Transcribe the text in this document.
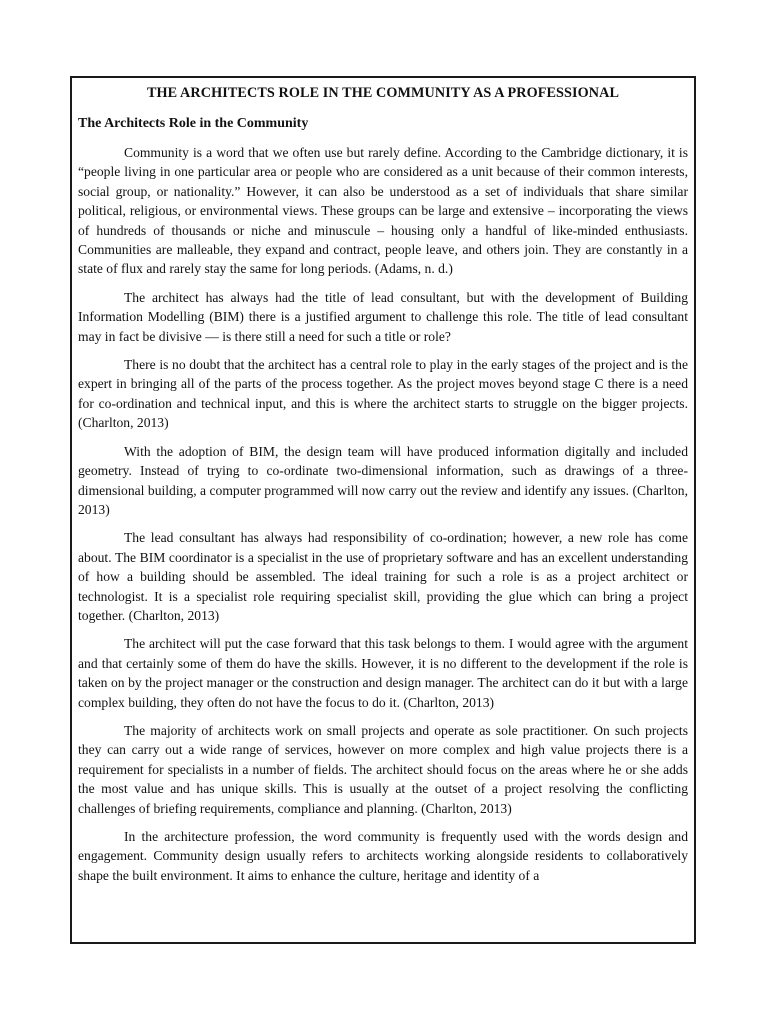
THE ARCHITECTS ROLE IN THE COMMUNITY AS A PROFESSIONAL
The Architects Role in the Community

Community is a word that we often use but rarely define. According to the Cambridge dictionary, it is “people living in one particular area or people who are considered as a unit because of their common interests, social group, or nationality.” However, it can also be understood as a set of individuals that share similar political, religious, or environmental views. These groups can be large and extensive – incorporating the views of hundreds of thousands or niche and minuscule – housing only a handful of like-minded enthusiasts. Communities are malleable, they expand and contract, people leave, and others join. They are constantly in a state of flux and rarely stay the same for long periods. (Adams, n. d.)

The architect has always had the title of lead consultant, but with the development of Building Information Modelling (BIM) there is a justified argument to challenge this role. The title of lead consultant may in fact be divisive — is there still a need for such a title or role?

There is no doubt that the architect has a central role to play in the early stages of the project and is the expert in bringing all of the parts of the process together. As the project moves beyond stage C there is a need for co-ordination and technical input, and this is where the architect starts to struggle on the bigger projects. (Charlton, 2013)

With the adoption of BIM, the design team will have produced information digitally and included geometry. Instead of trying to co-ordinate two-dimensional information, such as drawings of a three-dimensional building, a computer programmed will now carry out the review and identify any issues. (Charlton, 2013)

The lead consultant has always had responsibility of co-ordination; however, a new role has come about. The BIM coordinator is a specialist in the use of proprietary software and has an excellent understanding of how a building should be assembled. The ideal training for such a role is as a project architect or technologist. It is a specialist role requiring specialist skill, providing the glue which can bring a project together. (Charlton, 2013)

The architect will put the case forward that this task belongs to them. I would agree with the argument and that certainly some of them do have the skills. However, it is no different to the development if the role is taken on by the project manager or the construction and design manager. The architect can do it but with a large complex building, they often do not have the focus to do it. (Charlton, 2013)

The majority of architects work on small projects and operate as sole practitioner. On such projects they can carry out a wide range of services, however on more complex and high value projects there is a requirement for specialists in a number of fields. The architect should focus on the areas where he or she adds the most value and has unique skills. This is usually at the outset of a project resolving the conflicting challenges of briefing requirements, compliance and planning. (Charlton, 2013)

In the architecture profession, the word community is frequently used with the words design and engagement. Community design usually refers to architects working alongside residents to collaboratively shape the built environment. It aims to enhance the culture, heritage and identity of a
